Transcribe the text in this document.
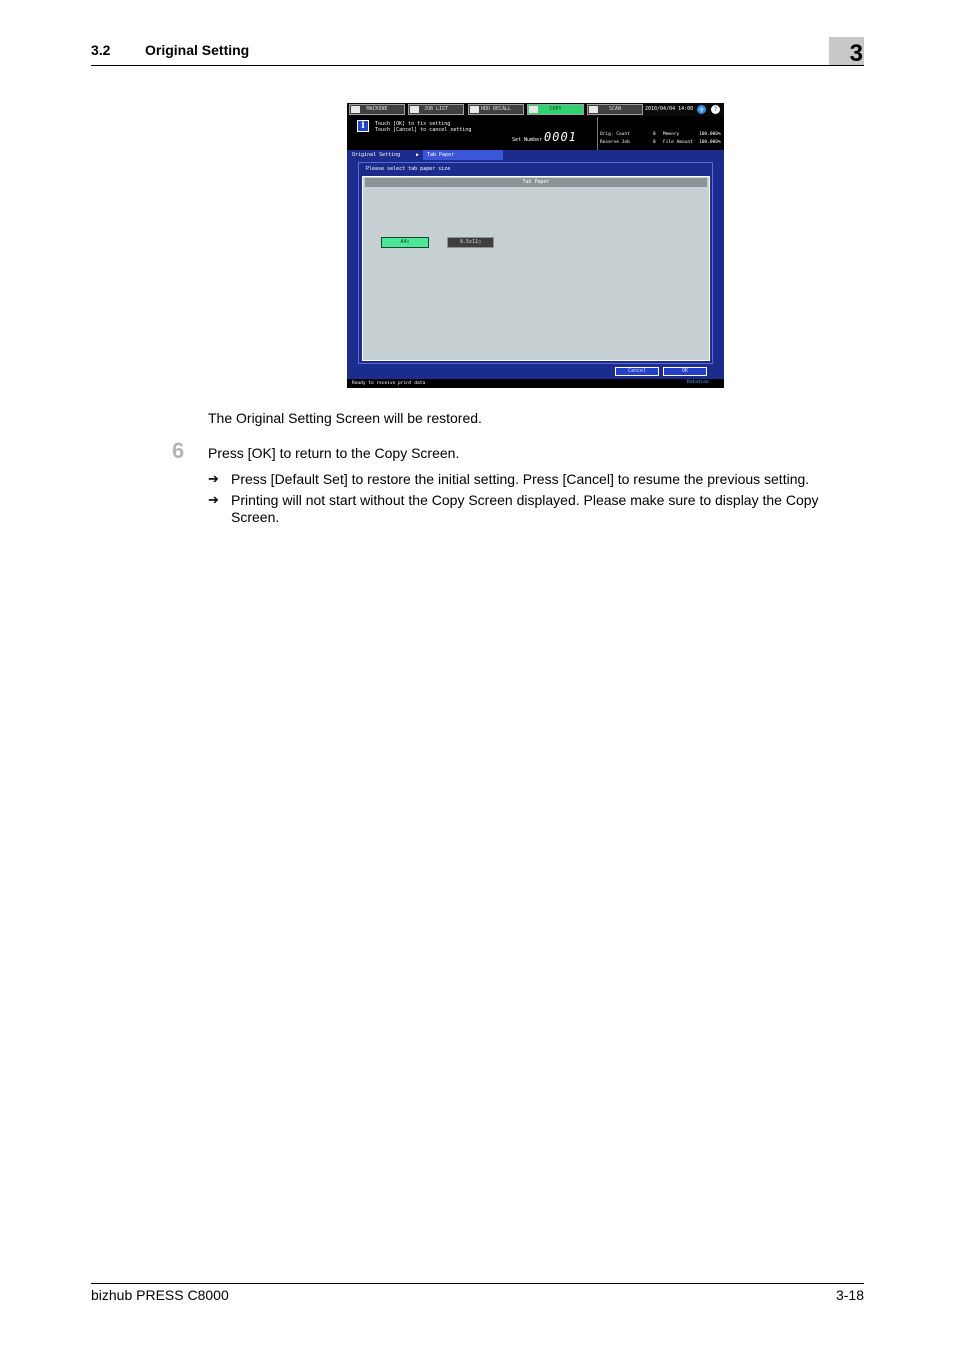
3.2 Original Setting	3
MACHINE	JOB LIST	HDD RECALL	COPY	SCAN	2010/04/04 14:00	◎	?
i	Touch [OK] to fix setting
Touch [Cancel] to cancel setting
Set Number 0001	Orig. Count	0 Memory	100.000%
Reserve Job	0 File Amount 100.000%
Original Setting	▶	Tab Paper
Please select tab paper size
Tab Paper
A4▯	8.5x11▯
Cancel	OK
Ready to receive print data	Rotation
The Original Setting Screen will be restored.
6 Press [OK] to return to the Copy Screen.
➔ Press [Default Set] to restore the initial setting. Press [Cancel] to resume the previous setting.
➔ Printing will not start without the Copy Screen displayed. Please make sure to display the Copy
Screen.
bizhub PRESS C8000	3-18
